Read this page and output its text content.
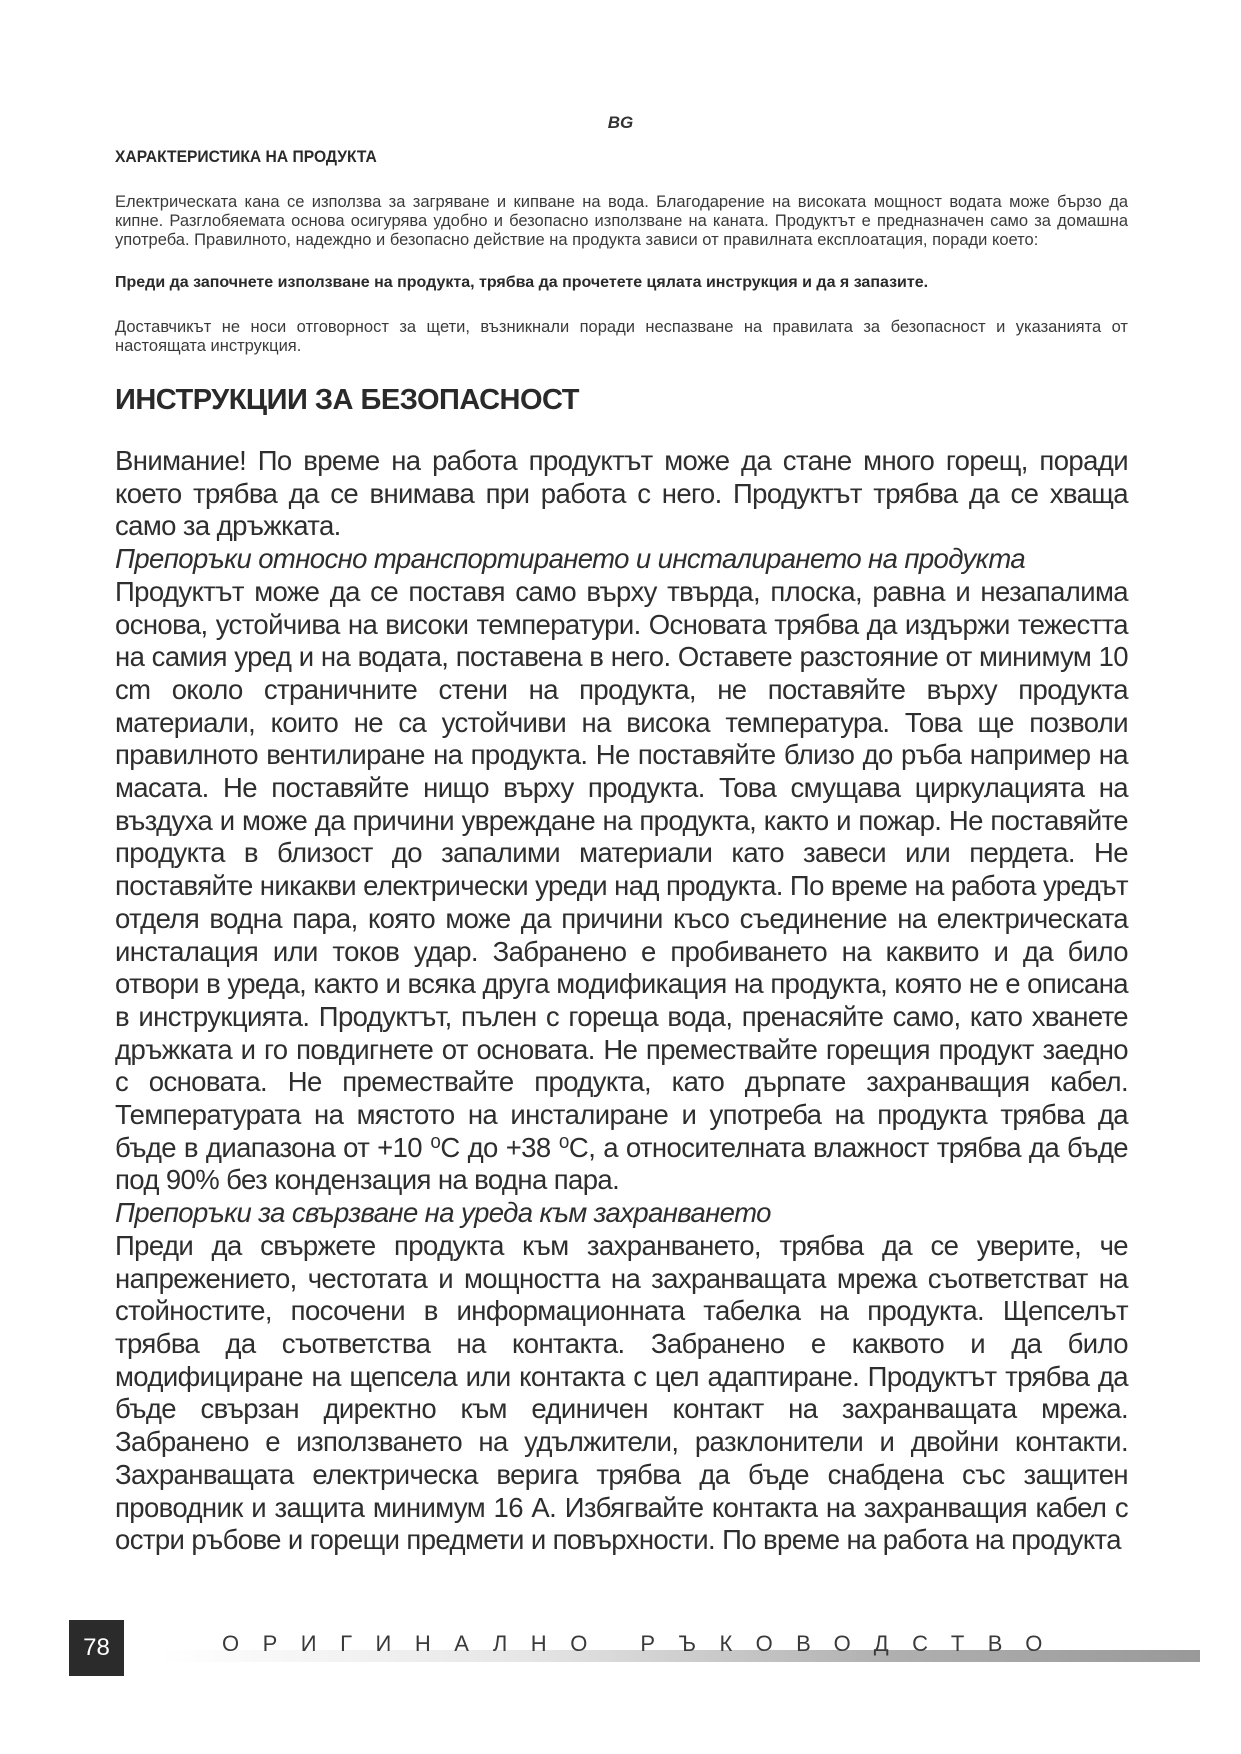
BG
ХАРАКТЕРИСТИКА НА ПРОДУКТА

Електрическата кана се използва за загряване и кипване на вода. Благодарение на високата мощност водата може бързо да кипне. Разглобяемата основа осигурява удобно и безопасно използване на каната. Продуктът е предназначен само за домашна употреба. Правилното, надеждно и безопасно действие на продукта зависи от правилната експлоатация, поради което:

Преди да започнете използване на продукта, трябва да прочетете цялата инструкция и да я запазите.

Доставчикът не носи отговорност за щети, възникнали поради неспазване на правилата за безопасност и указанията от настоящата инструкция.

ИНСТРУКЦИИ ЗА БЕЗОПАСНОСТ
Внимание! По време на работа продуктът може да стане много горещ, поради което трябва да се внимава при работа с него. Продуктът трябва да се хваща само за дръжката.
Препоръки относно транспортирането и инсталирането на продукта
Продуктът може да се поставя само върху твърда, плоска, равна и незапалима основа, устойчива на високи температури. Основата трябва да издържи тежестта на самия уред и на водата, поставена в него. Оставете разстояние от минимум 10 cm около страничните стени на продукта, не поставяйте върху продукта материали, които не са устойчиви на висока температура. Това ще позволи правилното вентилиране на продукта. Не поставяйте близо до ръба например на масата. Не поставяйте нищо върху продукта. Това смущава циркулацията на въздуха и може да причини увреждане на продукта, както и пожар. Не поставяйте продукта в близост до запалими материали като завеси или пердета. Не поставяйте никакви електрически уреди над продукта. По време на работа уредът отделя водна пара, която може да причини късо съединение на електрическата инсталация или токов удар. Забранено е пробиването на каквито и да било отвори в уреда, както и всяка друга модификация на продукта, която не е описана в инструкцията. Продуктът, пълен с гореща вода, пренасяйте само, като хванете дръжката и го повдигнете от основата. Не премествайте горещия продукт заедно с основата. Не премествайте продукта, като дърпате захранващия кабел. Температурата на мястото на инсталиране и употреба на продукта трябва да бъде в диапазона от +10 ⁰C до +38 ⁰C, а относителната влажност трябва да бъде под 90% без кондензация на водна пара.
Препоръки за свързване на уреда към захранването
Преди да свържете продукта към захранването, трябва да се уверите, че напрежението, честотата и мощността на захранващата мрежа съответстват на стойностите, посочени в информационната табелка на продукта. Щепселът трябва да съответства на контакта. Забранено е каквото и да било модифициране на щепсела или контакта с цел адаптиране. Продуктът трябва да бъде свързан директно към единичен контакт на захранващата мрежа. Забранено е използването на удължители, разклонители и двойни контакти. Захранващата електрическа верига трябва да бъде снабдена със защитен проводник и защита минимум 16 A. Избягвайте контакта на захранващия кабел с остри ръбове и горещи предмети и повърхности. По време на работа на продукта
78	ОРИГИНАЛНО РЪКОВОДСТВО
